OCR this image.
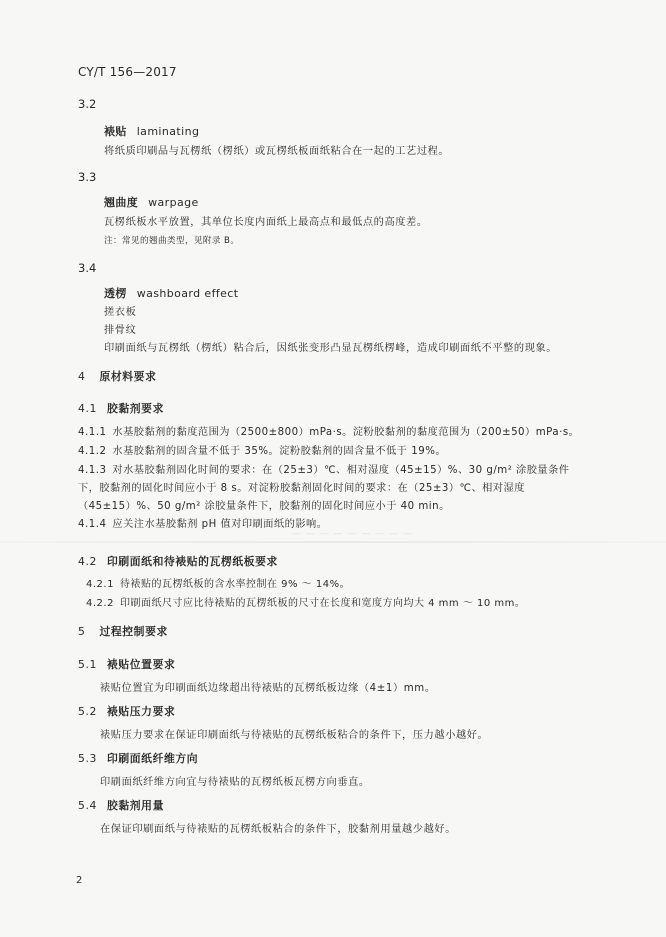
CY/T 156—2017
3.2
裱贴 laminating
将纸质印刷品与瓦楞纸（楞纸）或瓦楞纸板面纸粘合在一起的工艺过程。
3.3
翘曲度 warpage
瓦楞纸板水平放置，其单位长度内面纸上最高点和最低点的高度差。
注：常见的翘曲类型，见附录 B。
3.4
透楞 washboard effect
搓衣板
排骨纹
印刷面纸与瓦楞纸（楞纸）粘合后，因纸张变形凸显瓦楞纸楞峰，造成印刷面纸不平整的现象。
4 原材料要求
4.1 胶黏剂要求
4.1.1 水基胶黏剂的黏度范围为（2500±800）mPa·s。淀粉胶黏剂的黏度范围为（200±50）mPa·s。
4.1.2 水基胶黏剂的固含量不低于 35%。淀粉胶黏剂的固含量不低于 19%。
4.1.3 对水基胶黏剂固化时间的要求：在（25±3）℃、相对湿度（45±15）%、30 g/m² 涂胶量条件
下，胶黏剂的固化时间应小于 8 s。对淀粉胶黏剂固化时间的要求：在（25±3）℃、相对湿度
（45±15）%、50 g/m² 涂胶量条件下，胶黏剂的固化时间应小于 40 min。
4.1.4 应关注水基胶黏剂 pH 值对印刷面纸的影响。
— — — — — — — — —
4.2 印刷面纸和待裱贴的瓦楞纸板要求
4.2.1 待裱贴的瓦楞纸板的含水率控制在 9% ～ 14%。
4.2.2 印刷面纸尺寸应比待裱贴的瓦楞纸板的尺寸在长度和宽度方向均大 4 mm ～ 10 mm。
5 过程控制要求
5.1 裱贴位置要求
裱贴位置宜为印刷面纸边缘超出待裱贴的瓦楞纸板边缘（4±1）mm。
5.2 裱贴压力要求
裱贴压力要求在保证印刷面纸与待裱贴的瓦楞纸板粘合的条件下，压力越小越好。
5.3 印刷面纸纤维方向
印刷面纸纤维方向宜与待裱贴的瓦楞纸板瓦楞方向垂直。
5.4 胶黏剂用量
在保证印刷面纸与待裱贴的瓦楞纸板粘合的条件下，胶黏剂用量越少越好。
2
